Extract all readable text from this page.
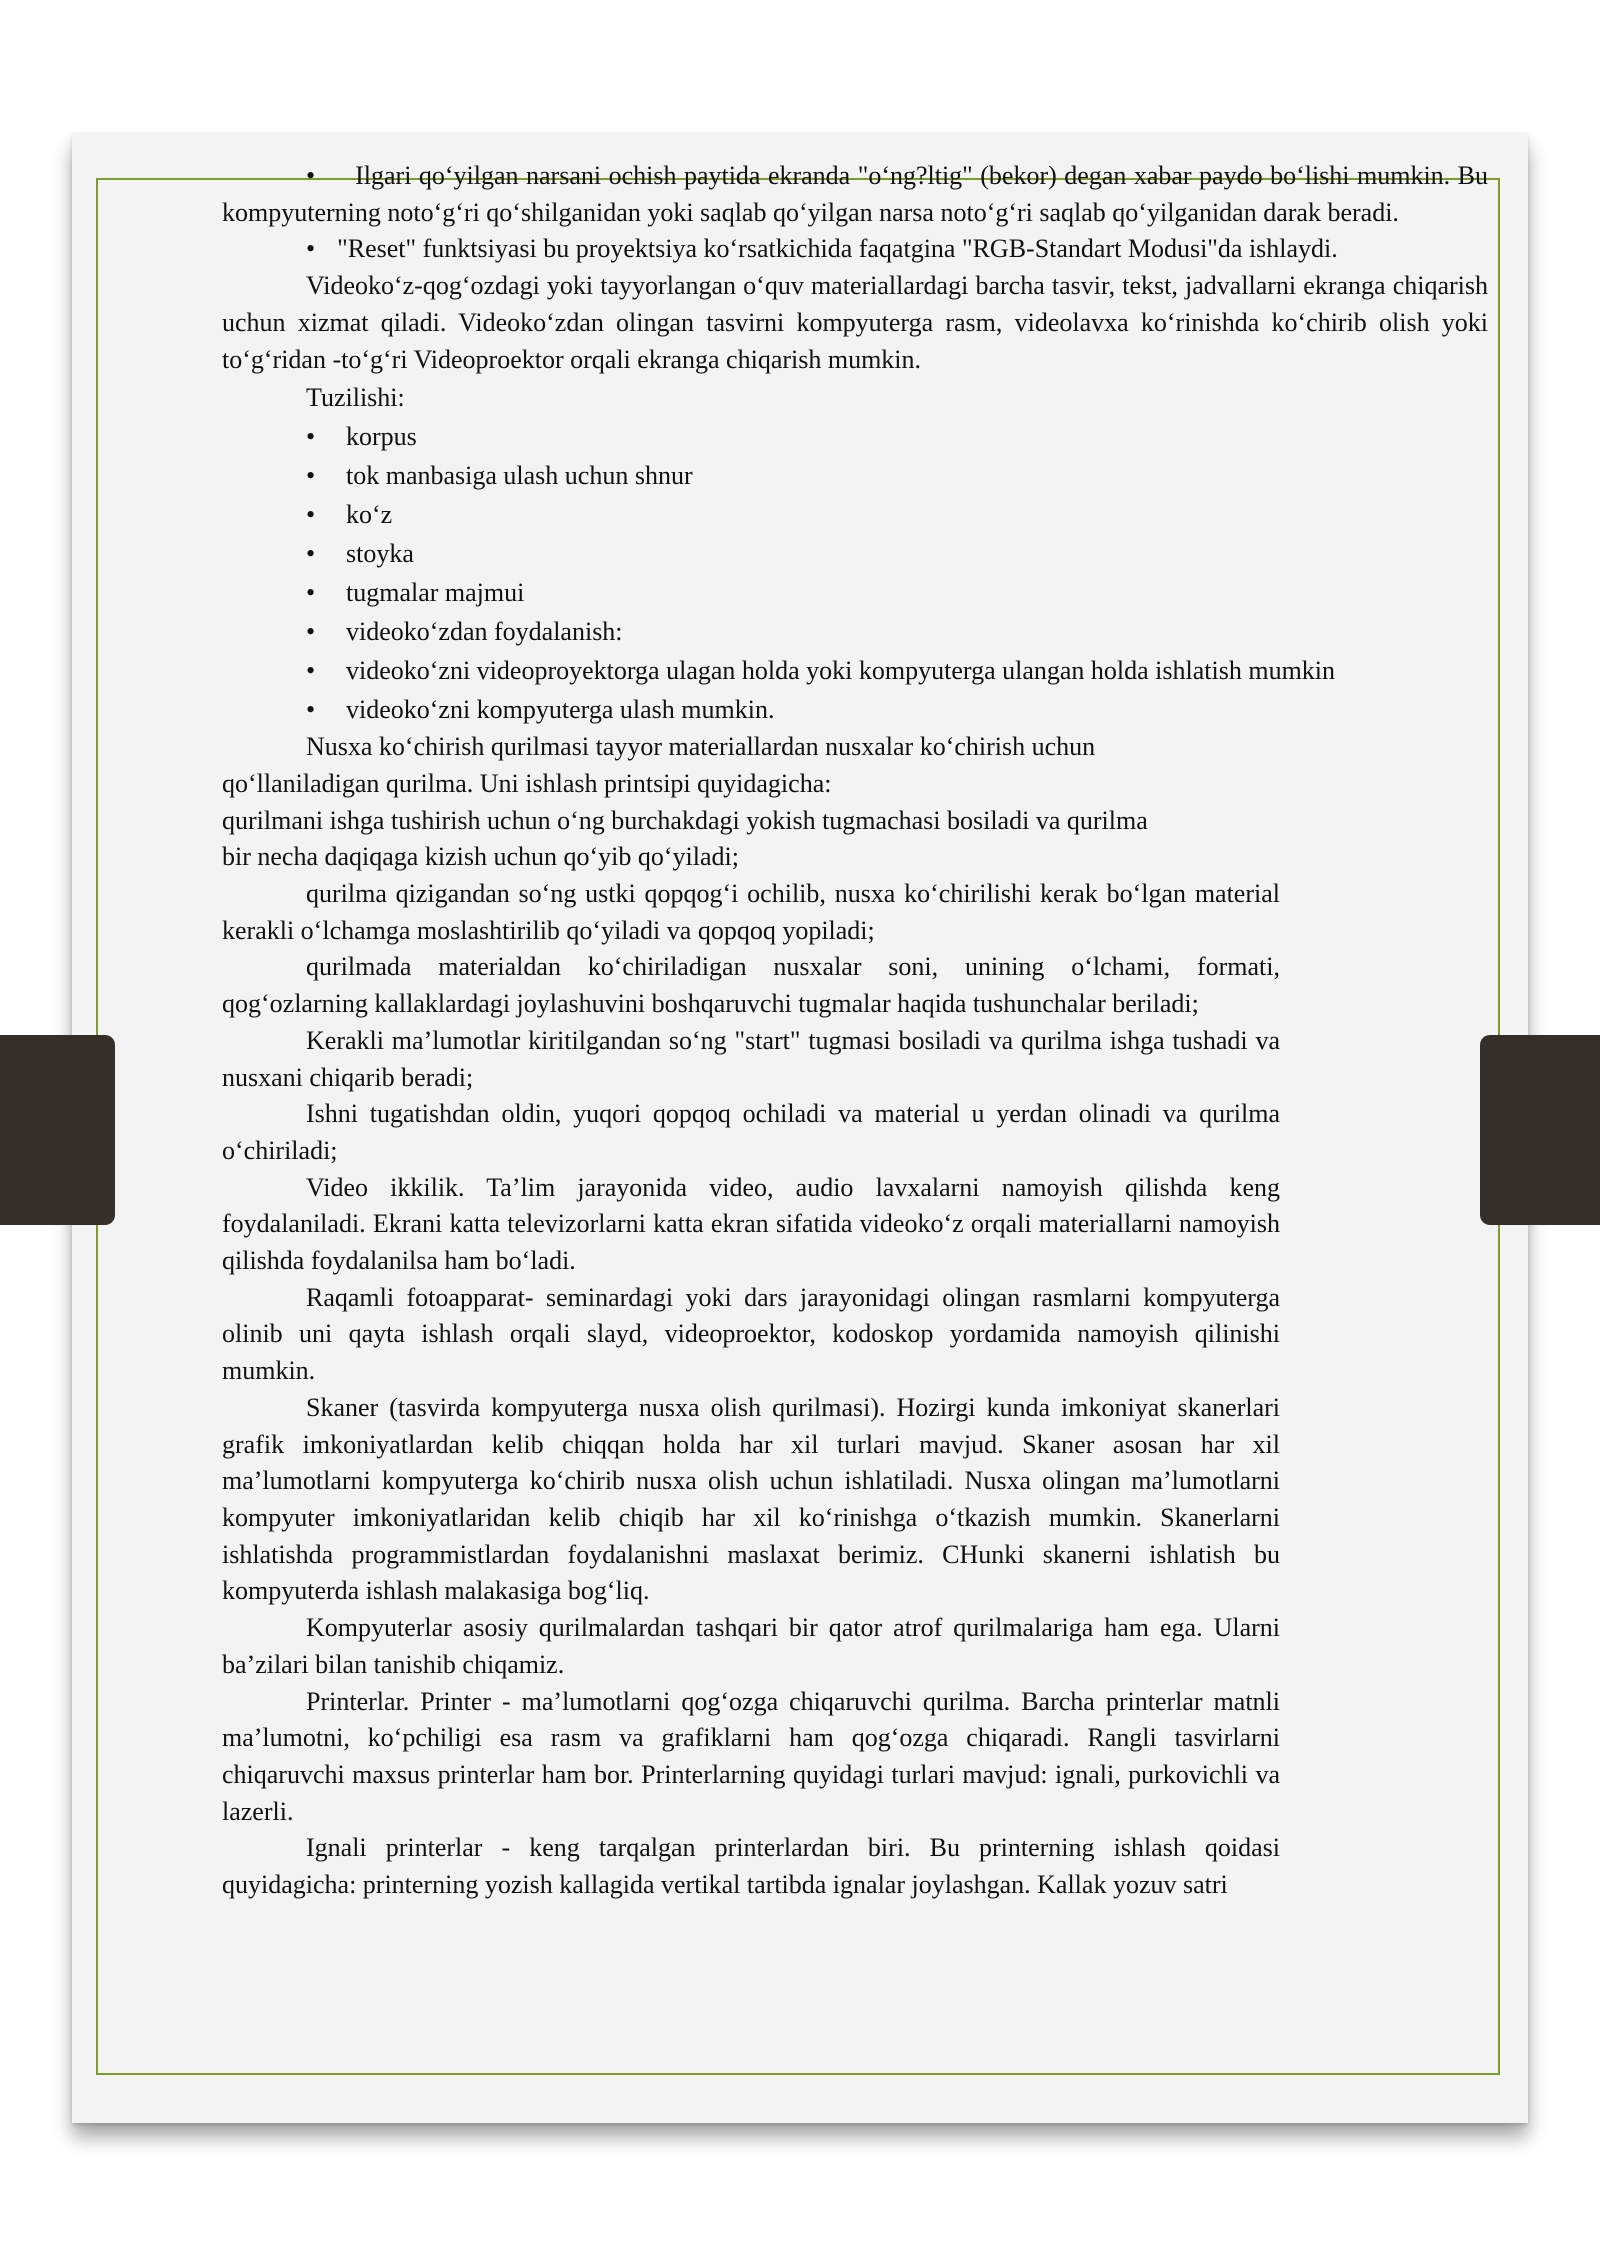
• Ilgari qo‘yilgan narsani ochish paytida ekranda "o‘ng?ltig" (bekor) degan xabar paydo bo‘lishi mumkin. Bu kompyuterning noto‘g‘ri qo‘shilganidan yoki saqlab qo‘yilgan narsa noto‘g‘ri saqlab qo‘yilganidan darak beradi.

• "Reset" funktsiyasi bu proyektsiya ko‘rsatkichida faqatgina "RGB-Standart Modusi"da ishlaydi.

Videoko‘z-qog‘ozdagi yoki tayyorlangan o‘quv materiallardagi barcha tasvir, tekst, jadvallarni ekranga chiqarish uchun xizmat qiladi. Videoko‘zdan olingan tasvirni kompyuterga rasm, videolavxa ko‘rinishda ko‘chirib olish yoki to‘g‘ridan -to‘g‘ri Videoproektor orqali ekranga chiqarish mumkin.

Tuzilishi:

•	korpus

•	tok manbasiga ulash uchun shnur

•	ko‘z

•	stoyka

•	tugmalar majmui

•	videoko‘zdan foydalanish:

•	videoko‘zni videoproyektorga ulagan holda yoki kompyuterga ulangan holda ishlatish mumkin

•	videoko‘zni kompyuterga ulash mumkin.

Nusxa ko‘chirish qurilmasi tayyor materiallardan nusxalar ko‘chirish uchun

qo‘llaniladigan qurilma. Uni ishlash printsipi quyidagicha:

qurilmani ishga tushirish uchun o‘ng burchakdagi yokish tugmachasi bosiladi va qurilma

bir necha daqiqaga kizish uchun qo‘yib qo‘yiladi;

qurilma qizigandan so‘ng ustki qopqog‘i ochilib, nusxa ko‘chirilishi kerak bo‘lgan material kerakli o‘lchamga moslashtirilib qo‘yiladi va qopqoq yopiladi;

qurilmada materialdan ko‘chiriladigan nusxalar soni, unining o‘lchami, formati, qog‘ozlarning kallaklardagi joylashuvini boshqaruvchi tugmalar haqida tushunchalar beriladi;

Kerakli ma’lumotlar kiritilgandan so‘ng "start" tugmasi bosiladi va qurilma ishga tushadi va nusxani chiqarib beradi;

Ishni tugatishdan oldin, yuqori qopqoq ochiladi va material u yerdan olinadi va qurilma o‘chiriladi;

Video ikkilik. Ta’lim jarayonida video, audio lavxalarni namoyish qilishda keng foydalaniladi. Ekrani katta televizorlarni katta ekran sifatida videoko‘z orqali materiallarni namoyish qilishda foydalanilsa ham bo‘ladi.

Raqamli fotoapparat- seminardagi yoki dars jarayonidagi olingan rasmlarni kompyuterga olinib uni qayta ishlash orqali slayd, videoproektor, kodoskop yordamida namoyish qilinishi mumkin.

Skaner (tasvirda kompyuterga nusxa olish qurilmasi). Hozirgi kunda imkoniyat skanerlari grafik imkoniyatlardan kelib chiqqan holda har xil turlari mavjud. Skaner asosan har xil ma’lumotlarni kompyuterga ko‘chirib nusxa olish uchun ishlatiladi. Nusxa olingan ma’lumotlarni kompyuter imkoniyatlaridan kelib chiqib har xil ko‘rinishga o‘tkazish mumkin. Skanerlarni ishlatishda programmistlardan foydalanishni maslaxat berimiz. CHunki skanerni ishlatish bu kompyuterda ishlash malakasiga bog‘liq.

Kompyuterlar asosiy qurilmalardan tashqari bir qator atrof qurilmalariga ham ega. Ularni ba’zilari bilan tanishib chiqamiz.

Printerlar. Printer - ma’lumotlarni qog‘ozga chiqaruvchi qurilma. Barcha printerlar matnli ma’lumotni, ko‘pchiligi esa rasm va grafiklarni ham qog‘ozga chiqaradi. Rangli tasvirlarni chiqaruvchi maxsus printerlar ham bor. Printerlarning quyidagi turlari mavjud: ignali, purkovichli va lazerli.

Ignali printerlar - keng tarqalgan printerlardan biri. Bu printerning ishlash qoidasi quyidagicha: printerning yozish kallagida vertikal tartibda ignalar joylashgan. Kallak yozuv satri
